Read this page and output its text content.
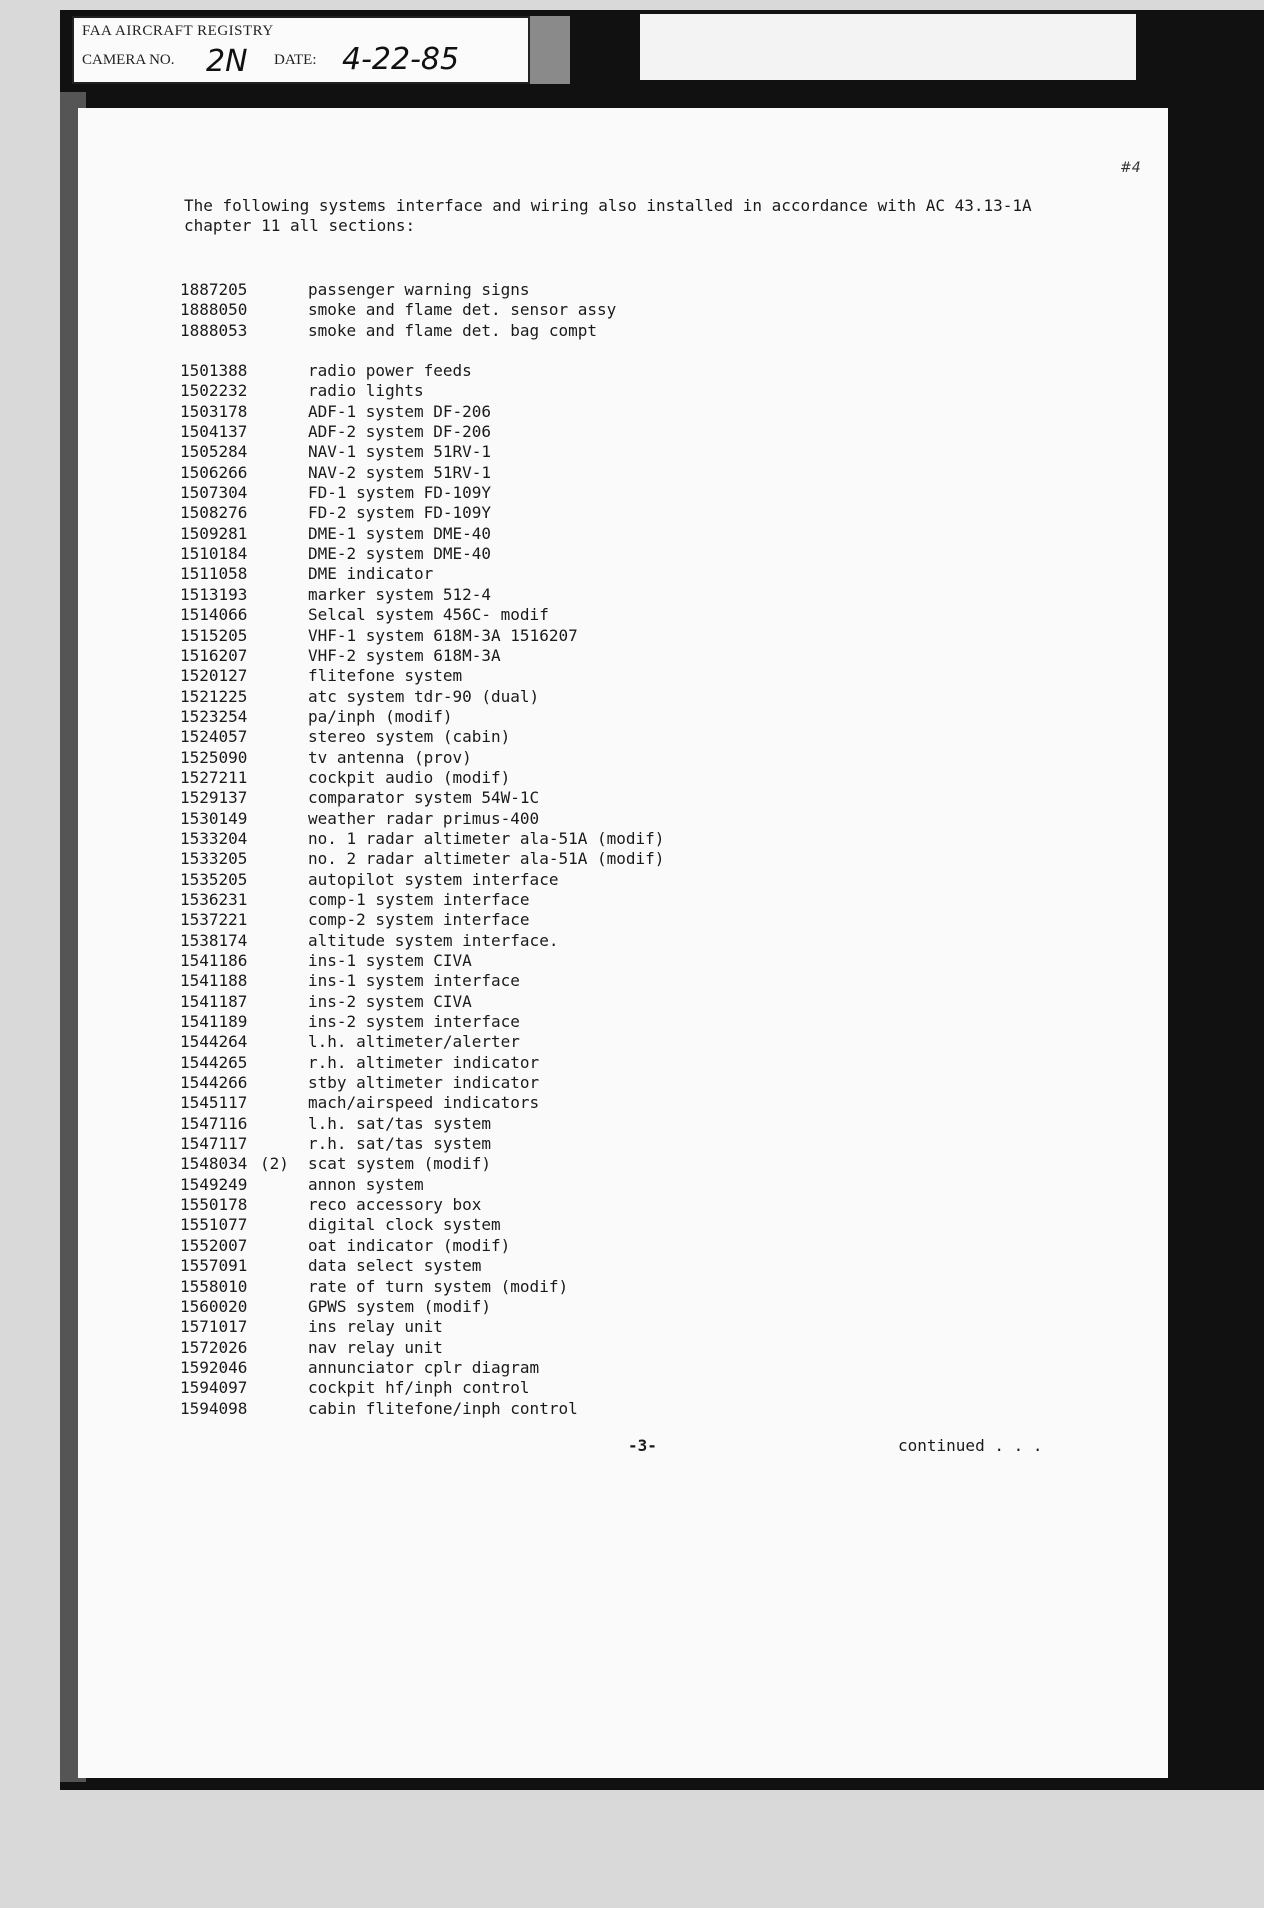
FAA AIRCRAFT REGISTRY
CAMERA NO. 2N DATE: 4-22-85
#4

The following systems interface and wiring also installed in accordance with AC 43.13-1A
chapter 11 all sections:

1887205	passenger warning signs
1888050	smoke and flame det. sensor assy
1888053	smoke and flame det. bag compt
1501388	radio power feeds
1502232	radio lights
1503178	ADF-1 system DF-206
1504137	ADF-2 system DF-206
1505284	NAV-1 system 51RV-1
1506266	NAV-2 system 51RV-1
1507304	FD-1 system FD-109Y
1508276	FD-2 system FD-109Y
1509281	DME-1 system DME-40
1510184	DME-2 system DME-40
1511058	DME indicator
1513193	marker system 512-4
1514066	Selcal system 456C- modif
1515205	VHF-1 system 618M-3A 1516207
1516207	VHF-2 system 618M-3A
1520127	flitefone system
1521225	atc system tdr-90 (dual)
1523254	pa/inph (modif)
1524057	stereo system (cabin)
1525090	tv antenna (prov)
1527211	cockpit audio (modif)
1529137	comparator system 54W-1C
1530149	weather radar primus-400
1533204	no. 1 radar altimeter ala-51A (modif)
1533205	no. 2 radar altimeter ala-51A (modif)
1535205	autopilot system interface
1536231	comp-1 system interface
1537221	comp-2 system interface
1538174	altitude system interface.
1541186	ins-1 system CIVA
1541188	ins-1 system interface
1541187	ins-2 system CIVA
1541189	ins-2 system interface
1544264	l.h. altimeter/alerter
1544265	r.h. altimeter indicator
1544266	stby altimeter indicator
1545117	mach/airspeed indicators
1547116	l.h. sat/tas system
1547117	r.h. sat/tas system
1548034 (2) scat system (modif)
1549249	annon system
1550178	reco accessory box
1551077	digital clock system
1552007	oat indicator (modif)
1557091	data select system
1558010	rate of turn system (modif)
1560020	GPWS system (modif)
1571017	ins relay unit
1572026	nav relay unit
1592046	annunciator cplr diagram
1594097	cockpit hf/inph control
1594098	cabin flitefone/inph control
-3-	continued . . .
